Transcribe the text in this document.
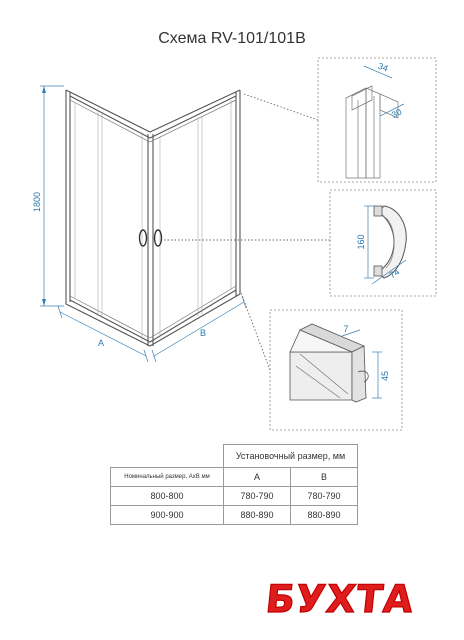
Схема RV-101/101B
1800
A
B
34
30
160
74
7
45
	Установочный размер, мм	
Номинальный размер, AxB мм	A	B
800-800	780-790	780-790
900-900	880-890	880-890
БУХТА
